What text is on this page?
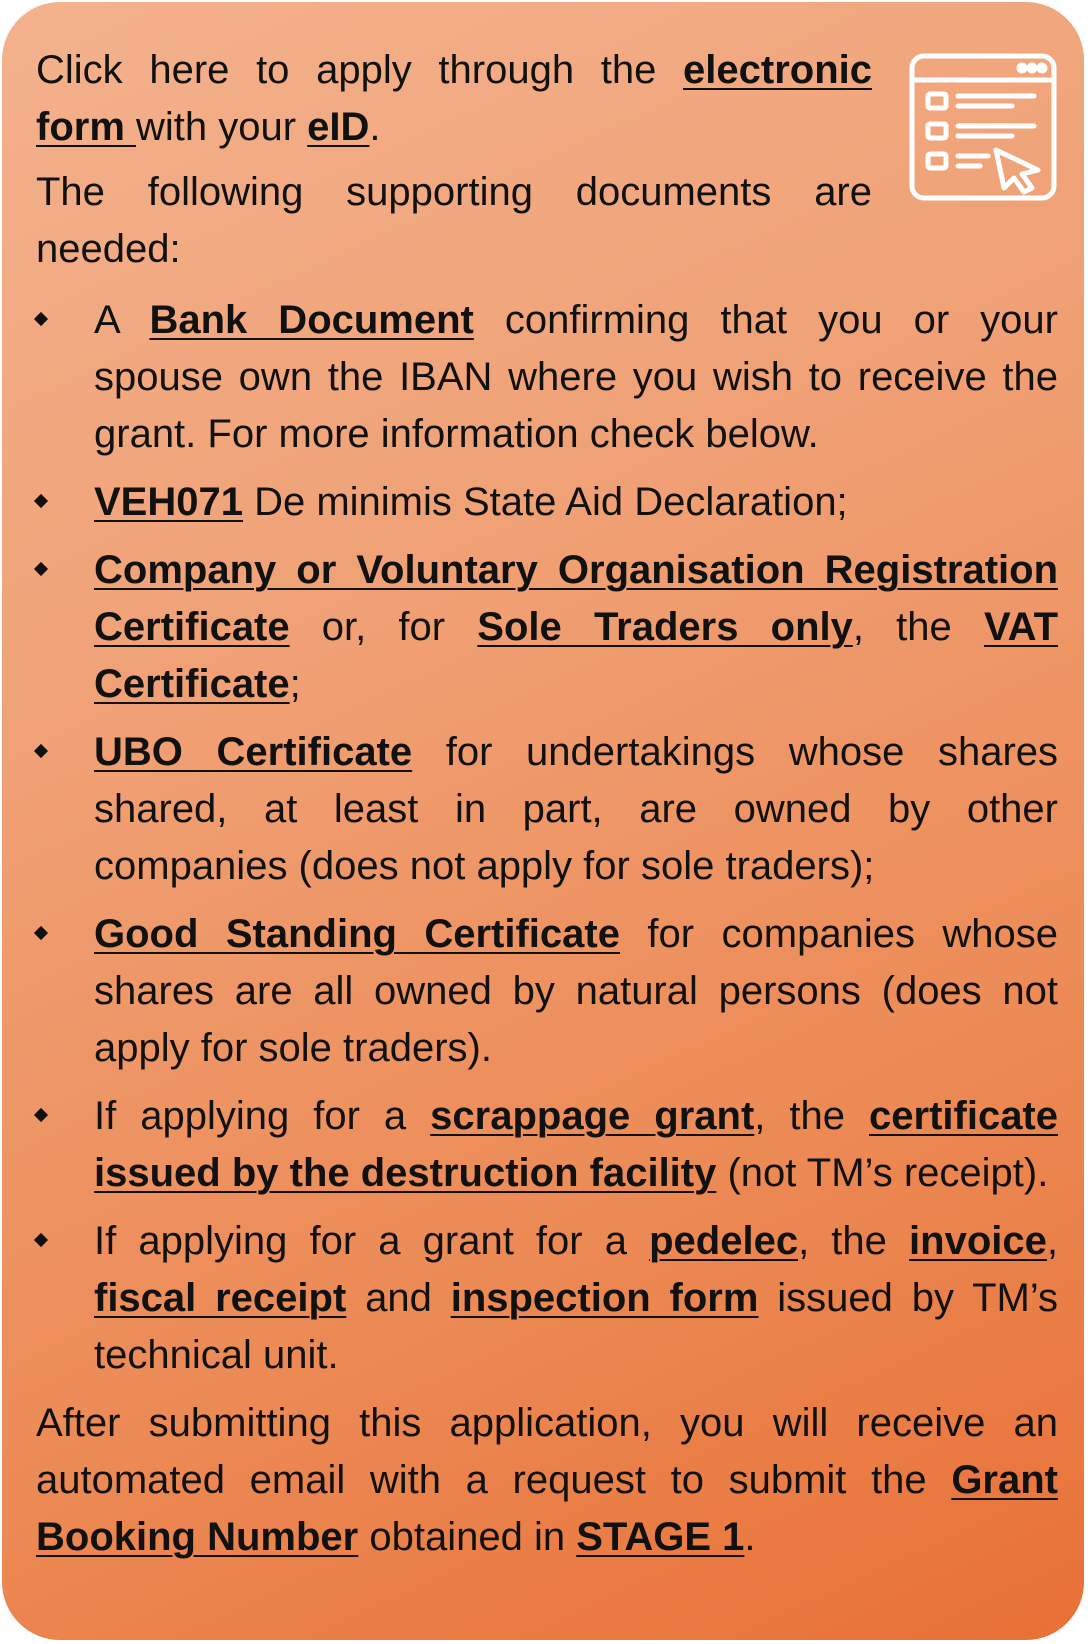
Click here to apply through the electronic form with your eID.

The following supporting documents are needed:

A Bank Document confirming that you or your spouse own the IBAN where you wish to receive the grant. For more information check below.
VEH071 De minimis State Aid Declaration;
Company or Voluntary Organisation Registration Certificate or, for Sole Traders only, the VAT Certificate;
UBO Certificate for undertakings whose shares shared, at least in part, are owned by other companies (does not apply for sole traders);
Good Standing Certificate for companies whose shares are all owned by natural persons (does not apply for sole traders).
If applying for a scrappage grant, the certificate issued by the destruction facility (not TM’s receipt).
If applying for a grant for a pedelec, the invoice, fiscal receipt and inspection form issued by TM’s technical unit.

After submitting this application, you will receive an automated email with a request to submit the Grant Booking Number obtained in STAGE 1.
